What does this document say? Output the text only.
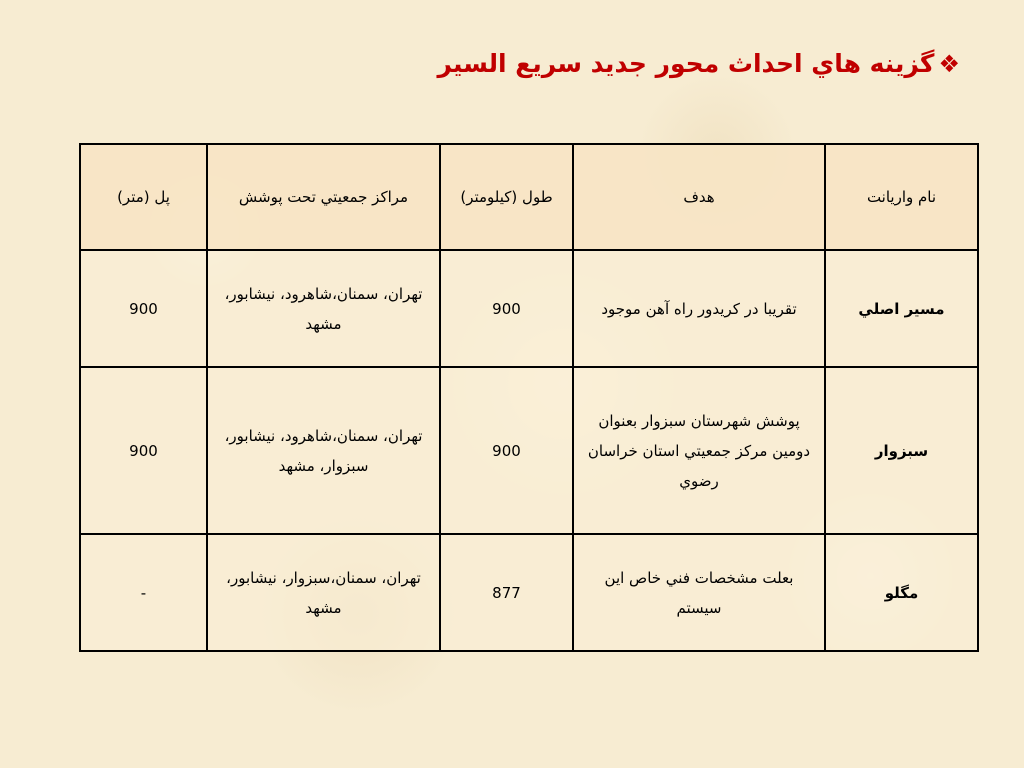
❖
گزينه هاي احداث محور جديد سريع السير
نام واريانت	هدف	طول (كيلومتر)	مراكز جمعيتي تحت پوشش	پل (متر)
مسير اصلي	تقريبا در كريدور راه آهن موجود	900	تهران، سمنان،شاهرود، نيشابور، مشهد	900
سبزوار	پوشش شهرستان سبزوار بعنوان دومين مركز جمعيتي استان خراسان رضوي	900	تهران، سمنان،شاهرود، نيشابور، سبزوار، مشهد	900
مگلو	بعلت مشخصات فني خاص اين سيستم	877	تهران، سمنان،سبزوار، نيشابور، مشهد	-
